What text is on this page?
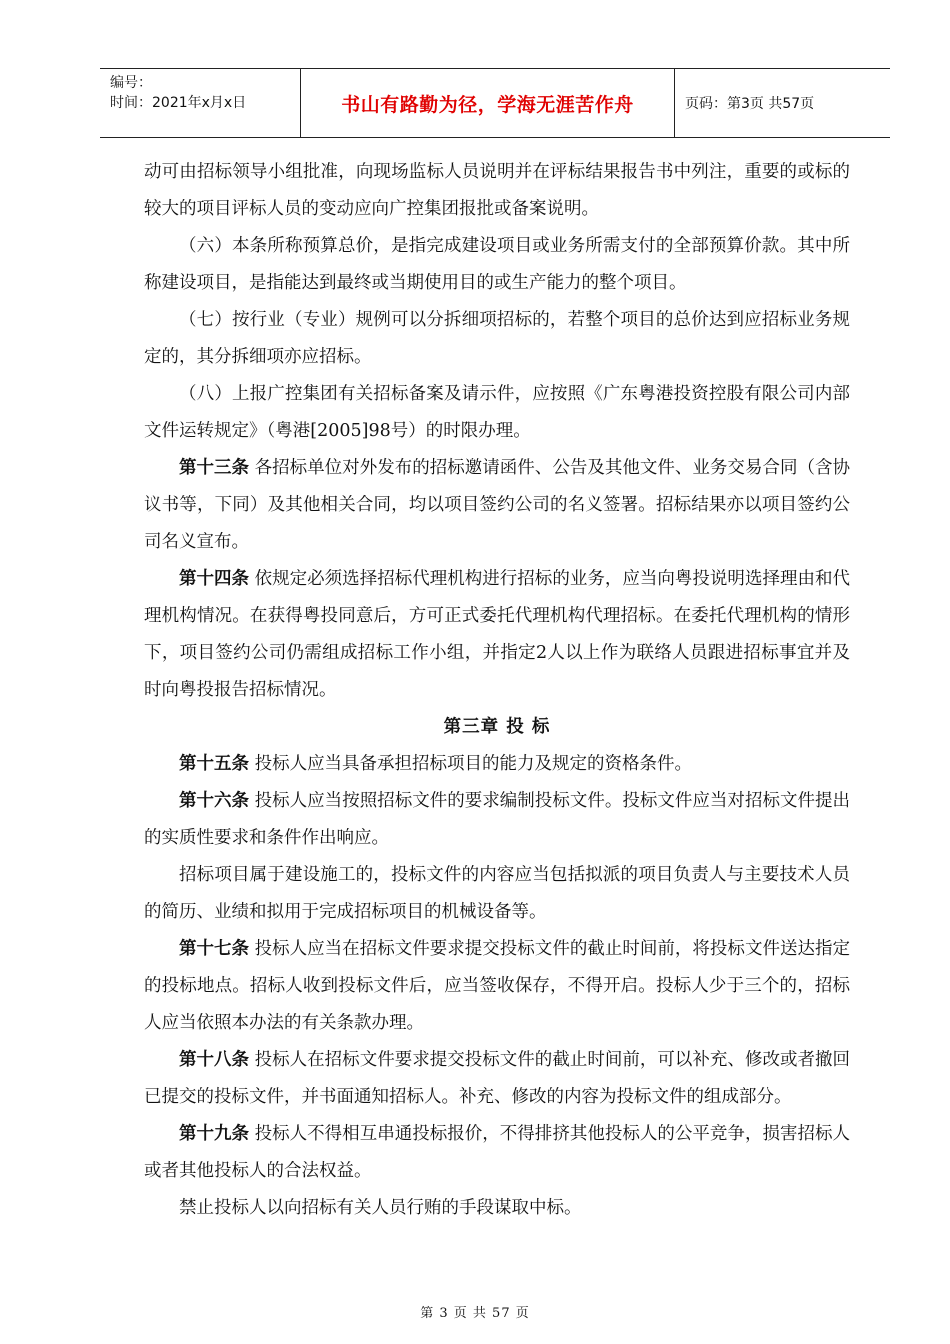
编号：
时间：2021年x月x日	书山有路勤为径，学海无涯苦作舟	页码：第3页 共57页

动可由招标领导小组批准，向现场监标人员说明并在评标结果报告书中列注，重要的或标的较大的项目评标人员的变动应向广控集团报批或备案说明。

（六）本条所称预算总价，是指完成建设项目或业务所需支付的全部预算价款。其中所称建设项目，是指能达到最终或当期使用目的或生产能力的整个项目。

（七）按行业（专业）规例可以分拆细项招标的，若整个项目的总价达到应招标业务规定的，其分拆细项亦应招标。

（八）上报广控集团有关招标备案及请示件，应按照《广东粤港投资控股有限公司内部文件运转规定》（粤港[2005]98号）的时限办理。

第十三条 各招标单位对外发布的招标邀请函件、公告及其他文件、业务交易合同（含协议书等，下同）及其他相关合同，均以项目签约公司的名义签署。招标结果亦以项目签约公司名义宣布。

第十四条 依规定必须选择招标代理机构进行招标的业务，应当向粤投说明选择理由和代理机构情况。在获得粤投同意后，方可正式委托代理机构代理招标。在委托代理机构的情形下，项目签约公司仍需组成招标工作小组，并指定2人以上作为联络人员跟进招标事宜并及时向粤投报告招标情况。

第三章 投 标

第十五条 投标人应当具备承担招标项目的能力及规定的资格条件。

第十六条 投标人应当按照招标文件的要求编制投标文件。投标文件应当对招标文件提出的实质性要求和条件作出响应。

招标项目属于建设施工的，投标文件的内容应当包括拟派的项目负责人与主要技术人员的简历、业绩和拟用于完成招标项目的机械设备等。

第十七条 投标人应当在招标文件要求提交投标文件的截止时间前，将投标文件送达指定的投标地点。招标人收到投标文件后，应当签收保存，不得开启。投标人少于三个的，招标人应当依照本办法的有关条款办理。

第十八条 投标人在招标文件要求提交投标文件的截止时间前，可以补充、修改或者撤回已提交的投标文件，并书面通知招标人。补充、修改的内容为投标文件的组成部分。

第十九条 投标人不得相互串通投标报价，不得排挤其他投标人的公平竞争，损害招标人或者其他投标人的合法权益。

禁止投标人以向招标有关人员行贿的手段谋取中标。

第 3 页 共 57 页
